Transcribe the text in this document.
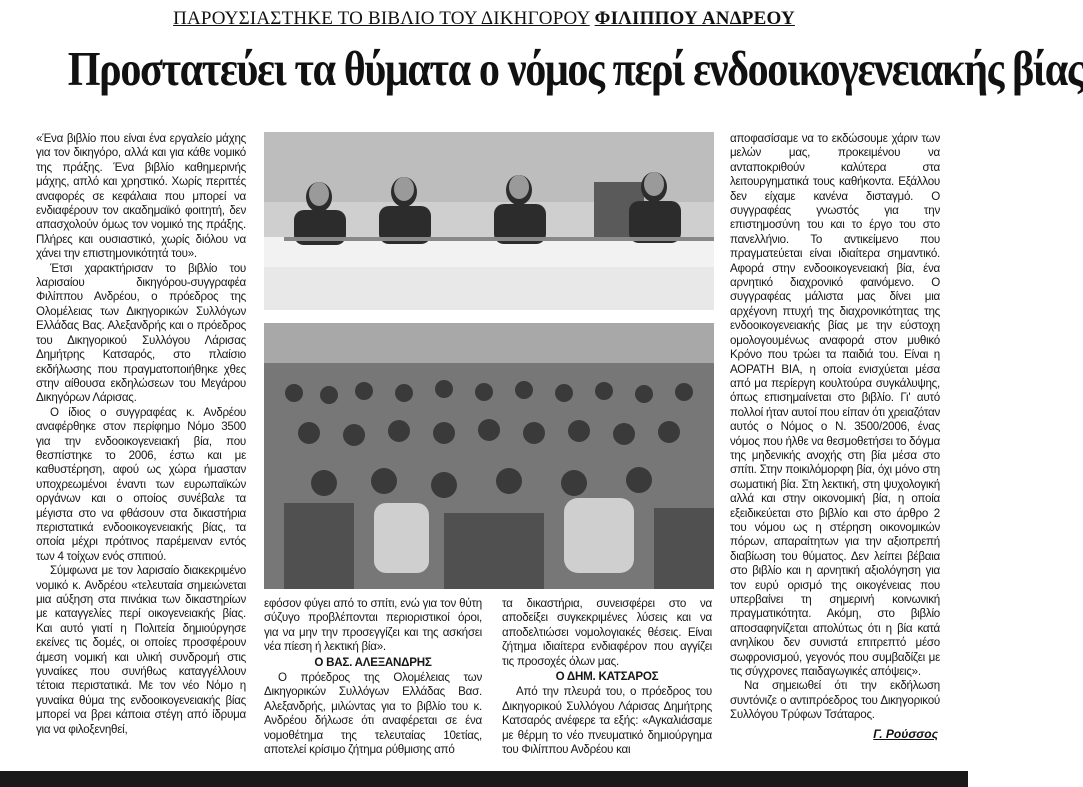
ΠΑΡΟΥΣΙΑΣΤΗΚΕ ΤΟ ΒΙΒΛΙΟ ΤΟΥ ΔΙΚΗΓΟΡΟΥ ΦΙΛΙΠΠΟΥ ΑΝΔΡΕΟΥ
Προστατεύει τα θύματα ο νόμος περί ενδοοικογενειακής βίας

«Ένα βιβλίο που είναι ένα εργαλείο μάχης για τον δικηγόρο, αλλά και για κάθε νομικό της πράξης. Ένα βιβλίο καθημερινής μάχης, απλό και χρηστικό. Χωρίς περιττές αναφορές σε κεφάλαια που μπορεί να ενδιαφέρουν τον ακαδημαϊκό φοιτητή, δεν απασχολούν όμως τον νομικό της πράξης. Πλήρες και ουσιαστικό, χωρίς διόλου να χάνει την επιστημονικότητά του».

Έτσι χαρακτήρισαν το βιβλίο του λαρισαίου δικηγόρου-συγγραφέα Φιλίππου Ανδρέου, ο πρόεδρος της Ολομέλειας των Δικηγορικών Συλλόγων Ελλάδας Βας. Αλεξανδρής και ο πρόεδρος του Δικηγορικού Συλλόγου Λάρισας Δημήτρης Κατσαρός, στο πλαίσιο εκδήλωσης που πραγματοποιήθηκε χθες στην αίθουσα εκδηλώσεων του Μεγάρου Δικηγόρων Λάρισας.

Ο ίδιος ο συγγραφέας κ. Ανδρέου αναφέρθηκε στον περίφημο Νόμο 3500 για την ενδοοικογενειακή βία, που θεσπίστηκε το 2006, έστω και με καθυστέρηση, αφού ως χώρα ήμασταν υποχρεωμένοι έναντι των ευρωπαϊκών οργάνων και ο οποίος συνέβαλε τα μέγιστα στο να φθάσουν στα δικαστήρια περιστατικά ενδοοικογενειακής βίας, τα οποία μέχρι πρότινος παρέμειναν εντός των 4 τοίχων ενός σπιτιού.

Σύμφωνα με τον λαρισαίο διακεκριμένο νομικό κ. Ανδρέου «τελευταία σημειώνεται μια αύξηση στα πινάκια των δικαστηρίων με καταγγελίες περί οικογενειακής βίας. Και αυτό γιατί η Πολιτεία δημιούργησε εκείνες τις δομές, οι οποίες προσφέρουν άμεση νομική και υλική συνδρομή στις γυναίκες που συνήθως καταγγέλλουν τέτοια περιστατικά. Με τον νέο Νόμο η γυναίκα θύμα της ενδοοικογενειακής βίας μπορεί να βρει κάποια στέγη από ίδρυμα για να φιλοξενηθεί,

εφόσον φύγει από το σπίτι, ενώ για τον θύτη σύζυγο προβλέπονται περιοριστικοί όροι, για να μην την προσεγγίζει και της ασκήσει νέα πίεση ή λεκτική βία».

Ο ΒΑΣ. ΑΛΕΞΑΝΔΡΗΣ

Ο πρόεδρος της Ολομέλειας των Δικηγορικών Συλλόγων Ελλάδας Βασ. Αλεξανδρής, μιλώντας για το βιβλίο του κ. Ανδρέου δήλωσε ότι αναφέρεται σε ένα νομοθέτημα της τελευταίας 10ετίας, αποτελεί κρίσιμο ζήτημα ρύθμισης από

τα δικαστήρια, συνεισφέρει στο να αποδείξει συγκεκριμένες λύσεις και να αποδελτιώσει νομολογιακές θέσεις. Είναι ζήτημα ιδιαίτερα ενδιαφέρον που αγγίζει τις προσοχές όλων μας.

Ο ΔΗΜ. ΚΑΤΣΑΡΟΣ

Από την πλευρά του, ο πρόεδρος του Δικηγορικού Συλλόγου Λάρισας Δημήτρης Κατσαρός ανέφερε τα εξής: «Αγκαλιάσαμε με θέρμη το νέο πνευματικό δημιούργημα του Φιλίππου Ανδρέου και

αποφασίσαμε να το εκδώσουμε χάριν των μελών μας, προκειμένου να ανταποκριθούν καλύτερα στα λειτουργηματικά τους καθήκοντα. Εξάλλου δεν είχαμε κανένα δισταγμό. Ο συγγραφέας γνωστός για την επιστημοσύνη του και το έργο του στο πανελλήνιο. Το αντικείμενο που πραγματεύεται είναι ιδιαίτερα σημαντικό. Αφορά στην ενδοοικογενειακή βία, ένα αρνητικό διαχρονικό φαινόμενο. Ο συγγραφέας μάλιστα μας δίνει μια αρχέγονη πτυχή της διαχρονικότητας της ενδοοικογενειακής βίας με την εύστοχη ομολογουμένως αναφορά στον μυθικό Κρόνο που τρώει τα παιδιά του. Είναι η ΑΟΡΑΤΗ ΒΙΑ, η οποία ενισχύεται μέσα από μα περίεργη κουλτούρα συγκάλυψης, όπως επισημαίνεται στο βιβλίο. Γι' αυτό πολλοί ήταν αυτοί που είπαν ότι χρειαζόταν αυτός ο Νόμος ο Ν. 3500/2006, ένας νόμος που ήλθε να θεσμοθετήσει το δόγμα της μηδενικής ανοχής στη βία μέσα στο σπίτι. Στην ποικιλόμορφη βία, όχι μόνο στη σωματική βία. Στη λεκτική, στη ψυχολογική αλλά και στην οικονομική βία, η οποία εξειδικεύεται στο βιβλίο και στο άρθρο 2 του νόμου ως η στέρηση οικονομικών πόρων, απαραίτητων για την αξιοπρεπή διαβίωση του θύματος. Δεν λείπει βέβαια στο βιβλίο και η αρνητική αξιολόγηση για τον ευρύ ορισμό της οικογένειας που υπερβαίνει τη σημερινή κοινωνική πραγματικότητα. Ακόμη, στο βιβλίο αποσαφηνίζεται απολύτως ότι η βία κατά ανηλίκου δεν συνιστά επιτρεπτό μέσο σωφρονισμού, γεγονός που συμβαδίζει με τις σύγχρονες παιδαγωγικές απόψεις».

Να σημειωθεί ότι την εκδήλωση συντόνιζε ο αντιπρόεδρος του Δικηγορικού Συλλόγου Τρύφων Τσάταρος.

Γ. Ρούσσος
